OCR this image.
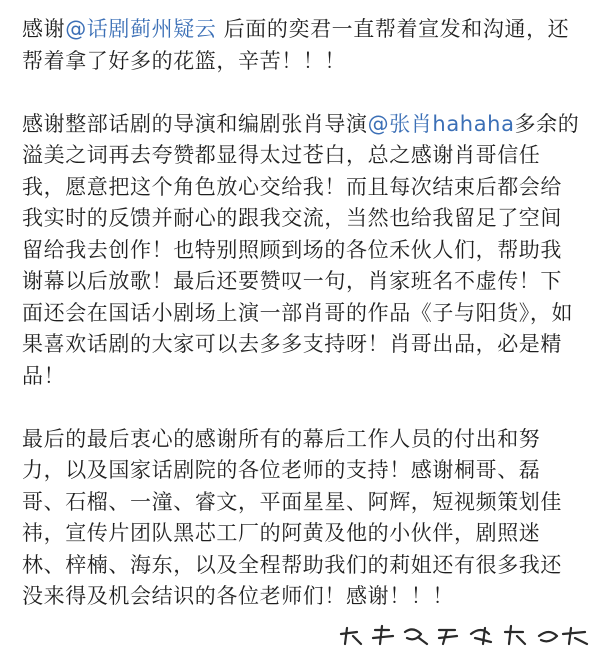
感谢@话剧蓟州疑云 后面的奕君一直帮着宣发和沟通，还帮着拿了好多的花篮，辛苦！！！

感谢整部话剧的导演和编剧张肖导演@张肖hahaha多余的溢美之词再去夸赞都显得太过苍白，总之感谢肖哥信任我，愿意把这个角色放心交给我！而且每次结束后都会给我实时的反馈并耐心的跟我交流，当然也给我留足了空间留给我去创作！也特别照顾到场的各位禾伙人们，帮助我谢幕以后放歌！最后还要赞叹一句，肖家班名不虚传！下面还会在国话小剧场上演一部肖哥的作品《子与阳货》，如果喜欢话剧的大家可以去多多支持呀！肖哥出品，必是精品！

最后的最后衷心的感谢所有的幕后工作人员的付出和努力，以及国家话剧院的各位老师的支持！感谢桐哥、磊哥、石榴、一潼、睿文，平面星星、阿辉，短视频策划佳祎，宣传片团队黑芯工厂的阿黄及他的小伙伴，剧照迷林、梓楠、海东，以及全程帮助我们的莉姐还有很多我还没来得及机会结识的各位老师们！感谢！！！
